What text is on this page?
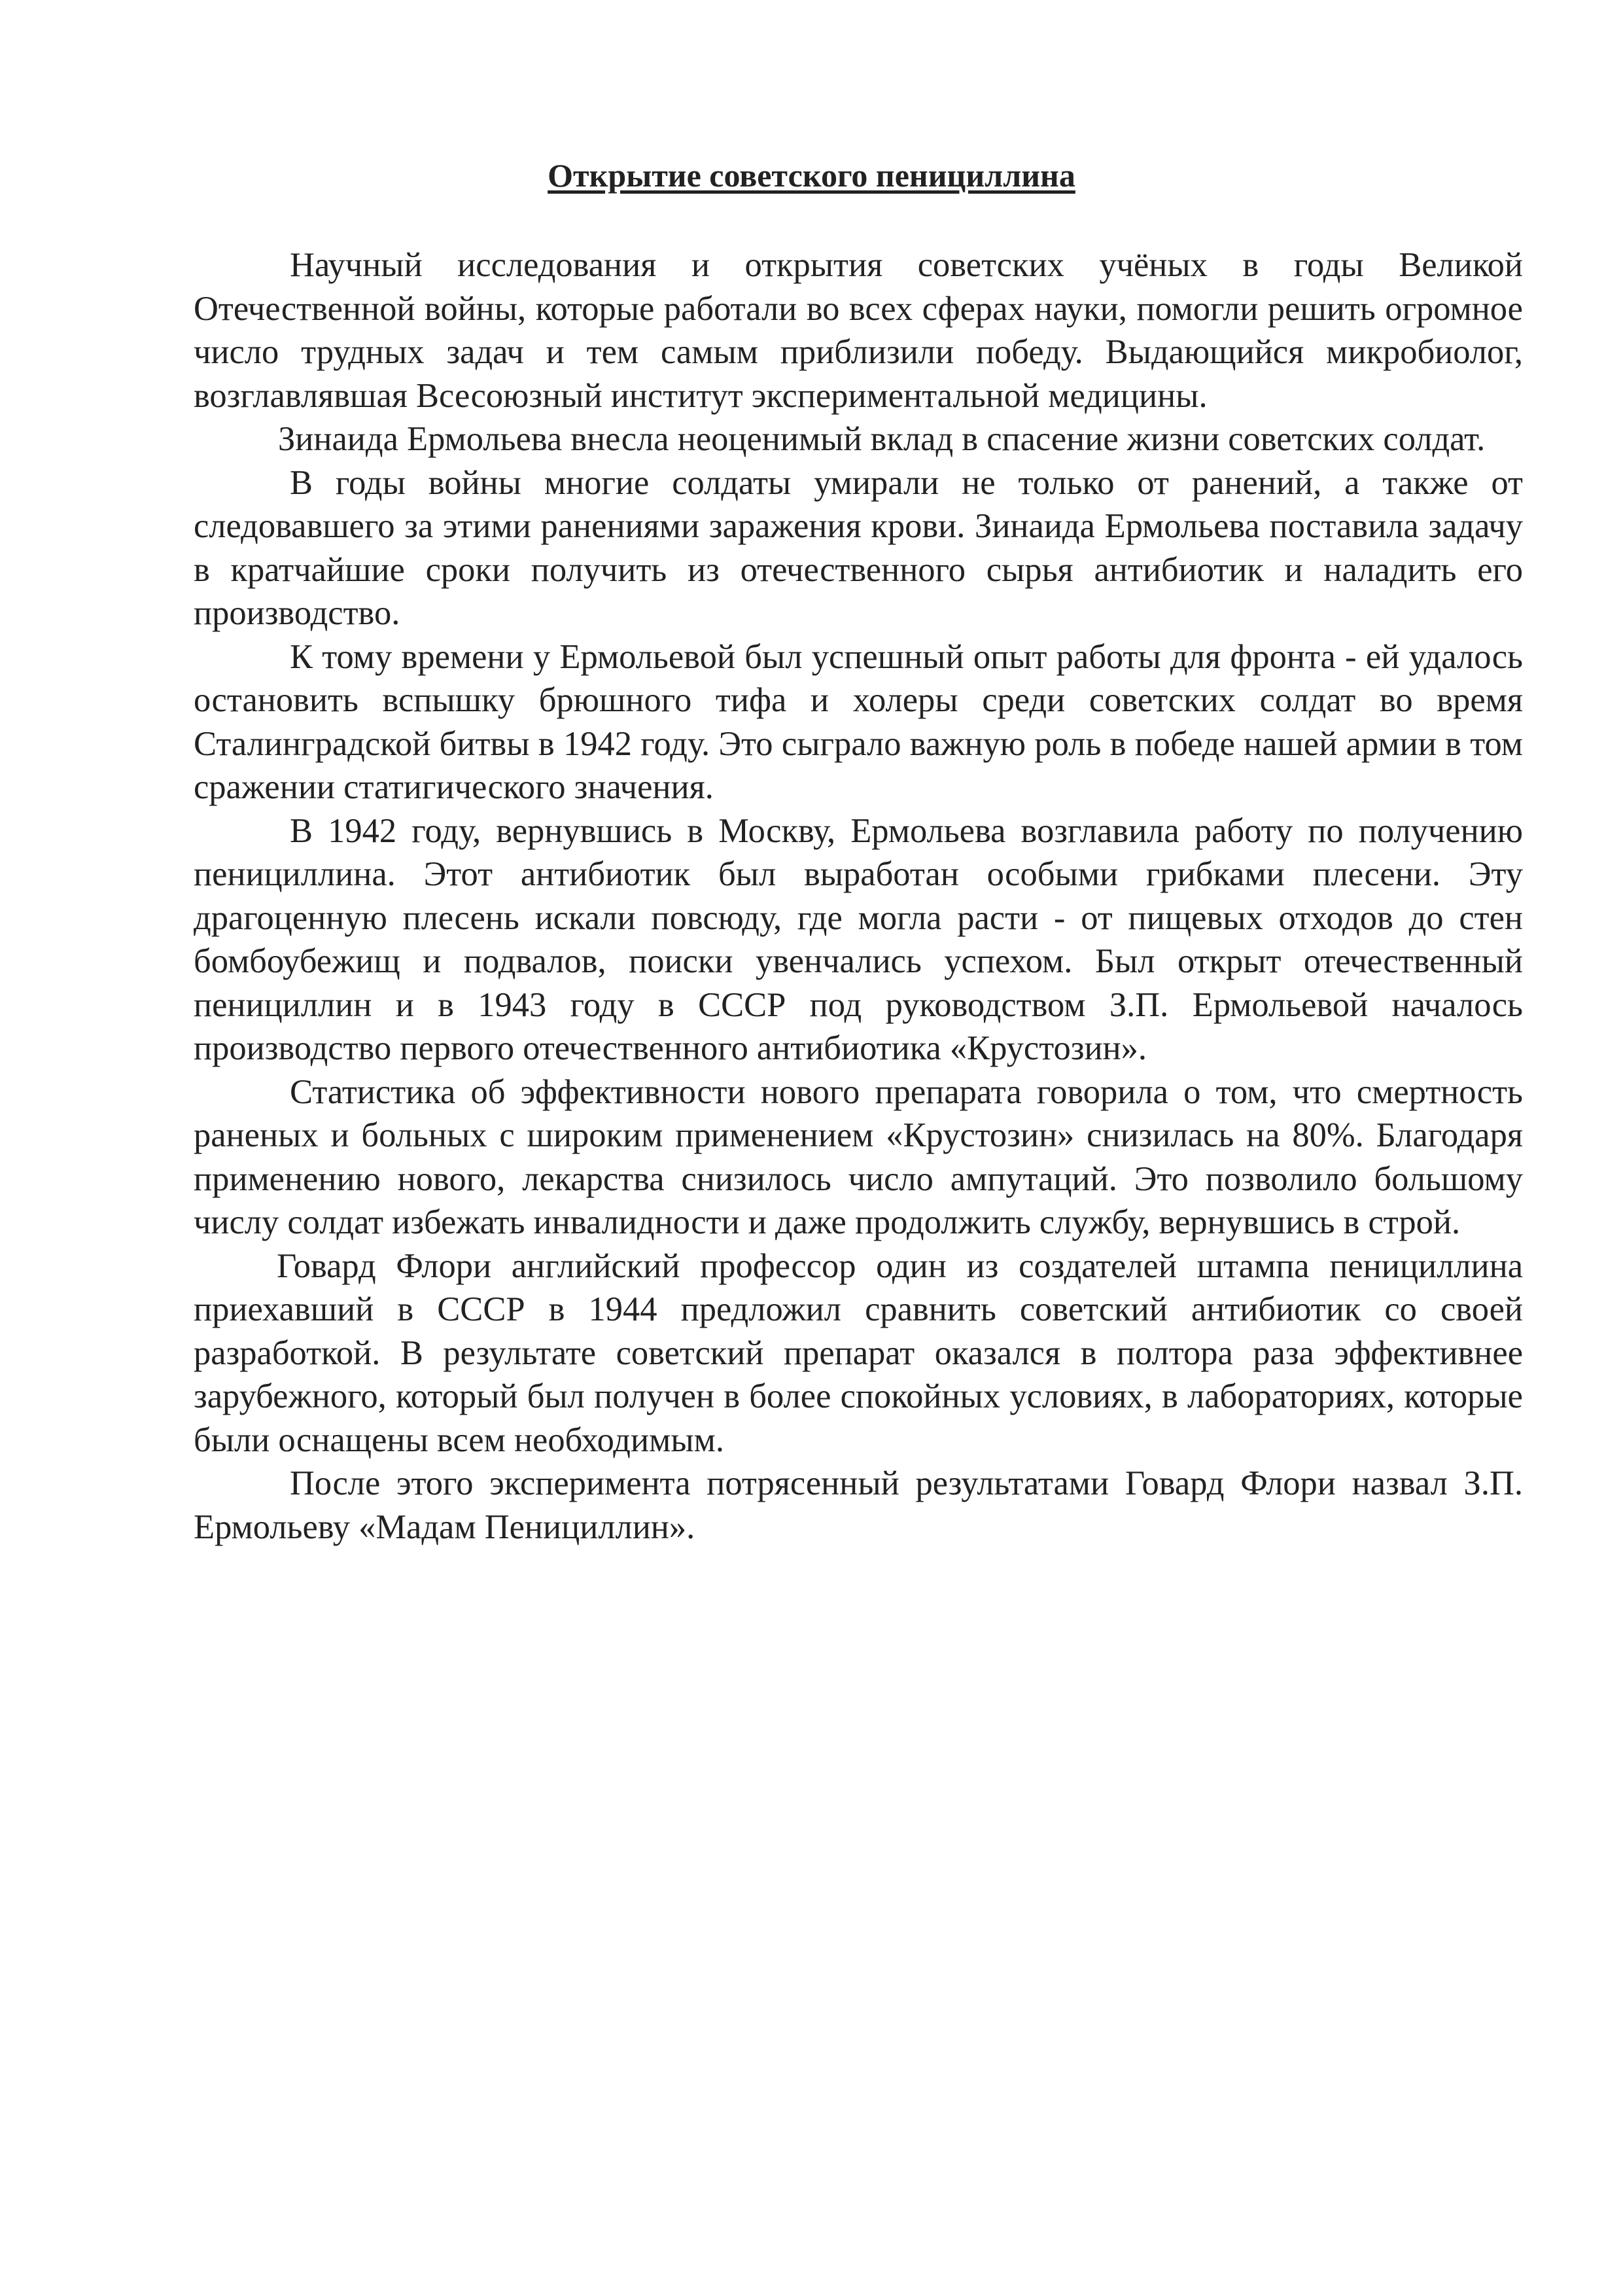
Открытие советского пенициллина

Научный исследования и открытия советских учёных в годы Великой Отечественной войны, которые работали во всех сферах науки, помогли решить огромное число трудных задач и тем самым приблизили победу. Выдающийся микробиолог, возглавлявшая Всесоюзный институт экспериментальной медицины.

Зинаида Ермольева внесла неоценимый вклад в спасение жизни советских солдат.

В годы войны многие солдаты умирали не только от ранений, а также от следовавшего за этими ранениями заражения крови. Зинаида Ермольева поставила задачу в кратчайшие сроки получить из отечественного сырья антибиотик и наладить его производство.

К тому времени у Ермольевой был успешный опыт работы для фронта - ей удалось остановить вспышку брюшного тифа и холеры среди советских солдат во время Сталинградской битвы в 1942 году. Это сыграло важную роль в победе нашей армии в том сражении статигического значения.

В 1942 году, вернувшись в Москву, Ермольева возглавила работу по получению пенициллина. Этот антибиотик был выработан особыми грибками плесени. Эту драгоценную плесень искали повсюду, где могла расти - от пищевых отходов до стен бомбоубежищ и подвалов, поиски увенчались успехом. Был открыт отечественный пенициллин и в 1943 году в СССР под руководством З.П. Ермольевой началось производство первого отечественного антибиотика «Крустозин».

Статистика об эффективности нового препарата говорила о том, что смертность раненых и больных с широким применением «Крустозин» снизилась на 80%. Благодаря применению нового, лекарства снизилось число ампутаций. Это позволило большому числу солдат избежать инвалидности и даже продолжить службу, вернувшись в строй.

Говард Флори английский профессор один из создателей штампа пенициллина приехавший в СССР в 1944 предложил сравнить советский антибиотик со своей разработкой. В результате советский препарат оказался в полтора раза эффективнее зарубежного, который был получен в более спокойных условиях, в лабораториях, которые были оснащены всем необходимым.

После этого эксперимента потрясенный результатами Говард Флори назвал З.П. Ермольеву «Мадам Пенициллин».
